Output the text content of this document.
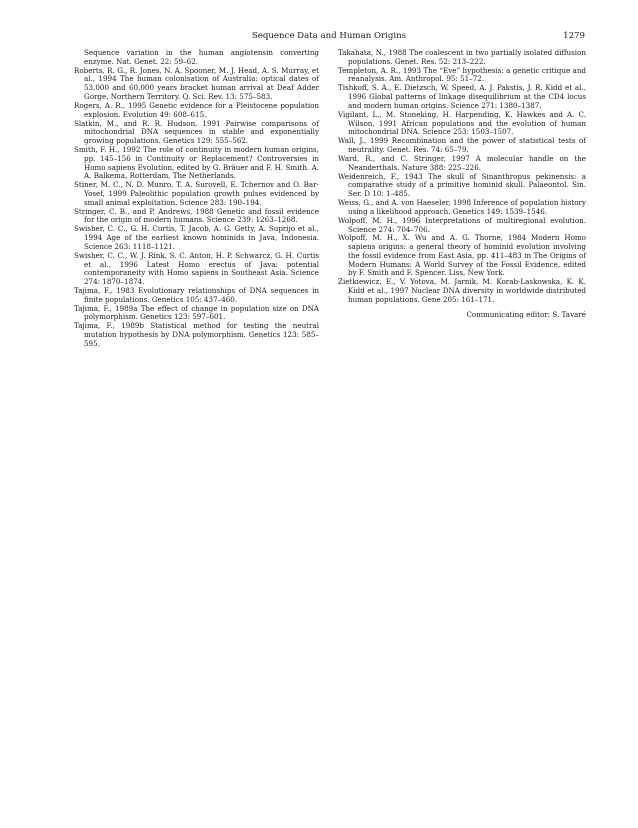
Sequence Data and Human Origins	1279

Sequence variation in the human angiotensin converting enzyme. Nat. Genet. 22: 59–62.

Roberts, R. G., R. Jones, N. A. Spooner, M. J. Head, A. S. Murray, et al., 1994 The human colonisation of Australia: optical dates of 53,000 and 60,000 years bracket human arrival at Deaf Adder Gorge, Northern Territory. Q. Sci. Rev. 13: 575–583.

Rogers, A. R., 1995 Genetic evidence for a Pleistocene population explosion. Evolution 49: 608–615.

Slatkin, M., and R. R. Hudson, 1991 Pairwise comparisons of mitochondrial DNA sequences in stable and exponentially growing populations. Genetics 129: 555–562.

Smith, F. H., 1992 The role of continuity in modern human origins, pp. 145–156 in Continuity or Replacement? Controversies in Homo sapiens Evolution, edited by G. Bräuer and F. H. Smith. A. A. Balkema, Rotterdam, The Netherlands.

Stiner, M. C., N. D. Munro, T. A. Surovell, E. Tchernov and O. Bar-Yosef, 1999 Paleolithic population growth pulses evidenced by small animal exploitation. Science 283: 190–194.

Stringer, C. B., and P. Andrews, 1988 Genetic and fossil evidence for the origin of modern humans. Science 239: 1263–1268.

Swisher, C. C., G. H. Curtis, T. Jacob, A. G. Getty, A. Suprijo et al., 1994 Age of the earliest known hominids in Java, Indonesia. Science 263: 1118–1121.

Swisher, C. C., W. J. Rink, S. C. Anton, H. P. Schwarcz, G. H. Curtis et al., 1996 Latest Homo erectus of Java: potential contemporaneity with Homo sapiens in Southeast Asia. Science 274: 1870–1874.

Tajima, F., 1983 Evolutionary relationships of DNA sequences in finite populations. Genetics 105: 437–460.

Tajima, F., 1989a The effect of change in population size on DNA polymorphism. Genetics 123: 597–601.

Tajima, F., 1989b Statistical method for testing the neutral mutation hypothesis by DNA polymorphism. Genetics 123: 585–595.

Takahata, N., 1988 The coalescent in two partially isolated diffusion populations. Genet. Res. 52: 213–222.

Templeton, A. R., 1993 The “Eve” hypothesis: a genetic critique and reanalysis. Am. Anthropol. 95: 51–72.

Tishkoff, S. A., E. Dietzsch, W. Speed, A. J. Pakstis, J. R. Kidd et al., 1996 Global patterns of linkage disequilibrium at the CD4 locus and modern human origins. Science 271: 1380–1387.

Vigilant, L., M. Stoneking, H. Harpending, K. Hawkes and A. C. Wilson, 1991 African populations and the evolution of human mitochondrial DNA. Science 253: 1503–1507.

Wall, J., 1999 Recombination and the power of statistical tests of neutrality. Genet. Res. 74: 65–79.

Ward, R., and C. Stringer, 1997 A molecular handle on the Neanderthals. Nature 388: 225–226.

Weidenreich, F., 1943 The skull of Sinanthropus pekinensis: a comparative study of a primitive hominid skull. Palaeontol. Sin. Ser. D 10: 1–485.

Weiss, G., and A. von Haeseler, 1998 Inference of population history using a likelihood approach. Genetics 149: 1539–1546.

Wolpoff, M. H., 1996 Interpretations of multiregional evolution. Science 274: 704–706.

Wolpoff, M. H., X. Wu and A. G. Thorne, 1984 Modern Homo sapiens origins: a general theory of hominid evolution involving the fossil evidence from East Asia, pp. 411–483 in The Origins of Modern Humans: A World Survey of the Fossil Evidence, edited by F. Smith and F. Spencer. Liss, New York.

Zietkiewicz, E., V. Yotova, M. Jarnik, M. Korab-Laskowska, K. K. Kidd et al., 1997 Nuclear DNA diversity in worldwide distributed human populations. Gene 205: 161–171.

Communicating editor: S. Tavaré
